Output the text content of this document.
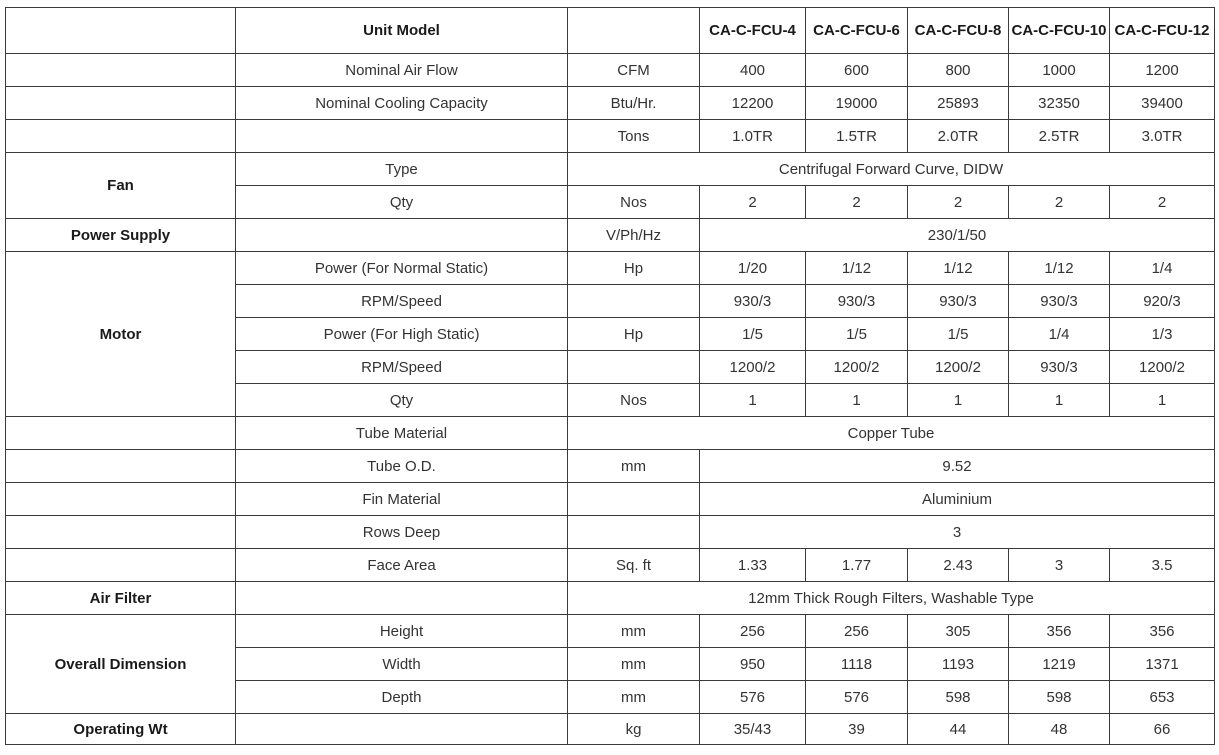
	Unit Model		CA-C-FCU-4	CA-C-FCU-6	CA-C-FCU-8	CA-C-FCU-10	CA-C-FCU-12
	Nominal Air Flow	CFM	400	600	800	1000	1200
	Nominal Cooling Capacity	Btu/Hr.	12200	19000	25893	32350	39400
		Tons	1.0TR	1.5TR	2.0TR	2.5TR	3.0TR
Fan	Type	Centrifugal Forward Curve, DIDW					
	Qty	Nos	2	2	2	2	2
Power Supply		V/Ph/Hz	230/1/50				
Motor	Power (For Normal Static)	Hp	1/20	1/12	1/12	1/12	1/4
	RPM/Speed		930/3	930/3	930/3	930/3	920/3
	Power (For High Static)	Hp	1/5	1/5	1/5	1/4	1/3
	RPM/Speed		1200/2	1200/2	1200/2	930/3	1200/2
	Qty	Nos	1	1	1	1	1
	Tube Material	Copper Tube					
	Tube O.D.	mm	9.52				
	Fin Material		Aluminium				
	Rows Deep		3				
	Face Area	Sq. ft	1.33	1.77	2.43	3	3.5
Air Filter		12mm Thick Rough Filters, Washable Type					
Overall Dimension	Height	mm	256	256	305	356	356
	Width	mm	950	1118	1193	1219	1371
	Depth	mm	576	576	598	598	653
Operating Wt		kg	35/43	39	44	48	66
